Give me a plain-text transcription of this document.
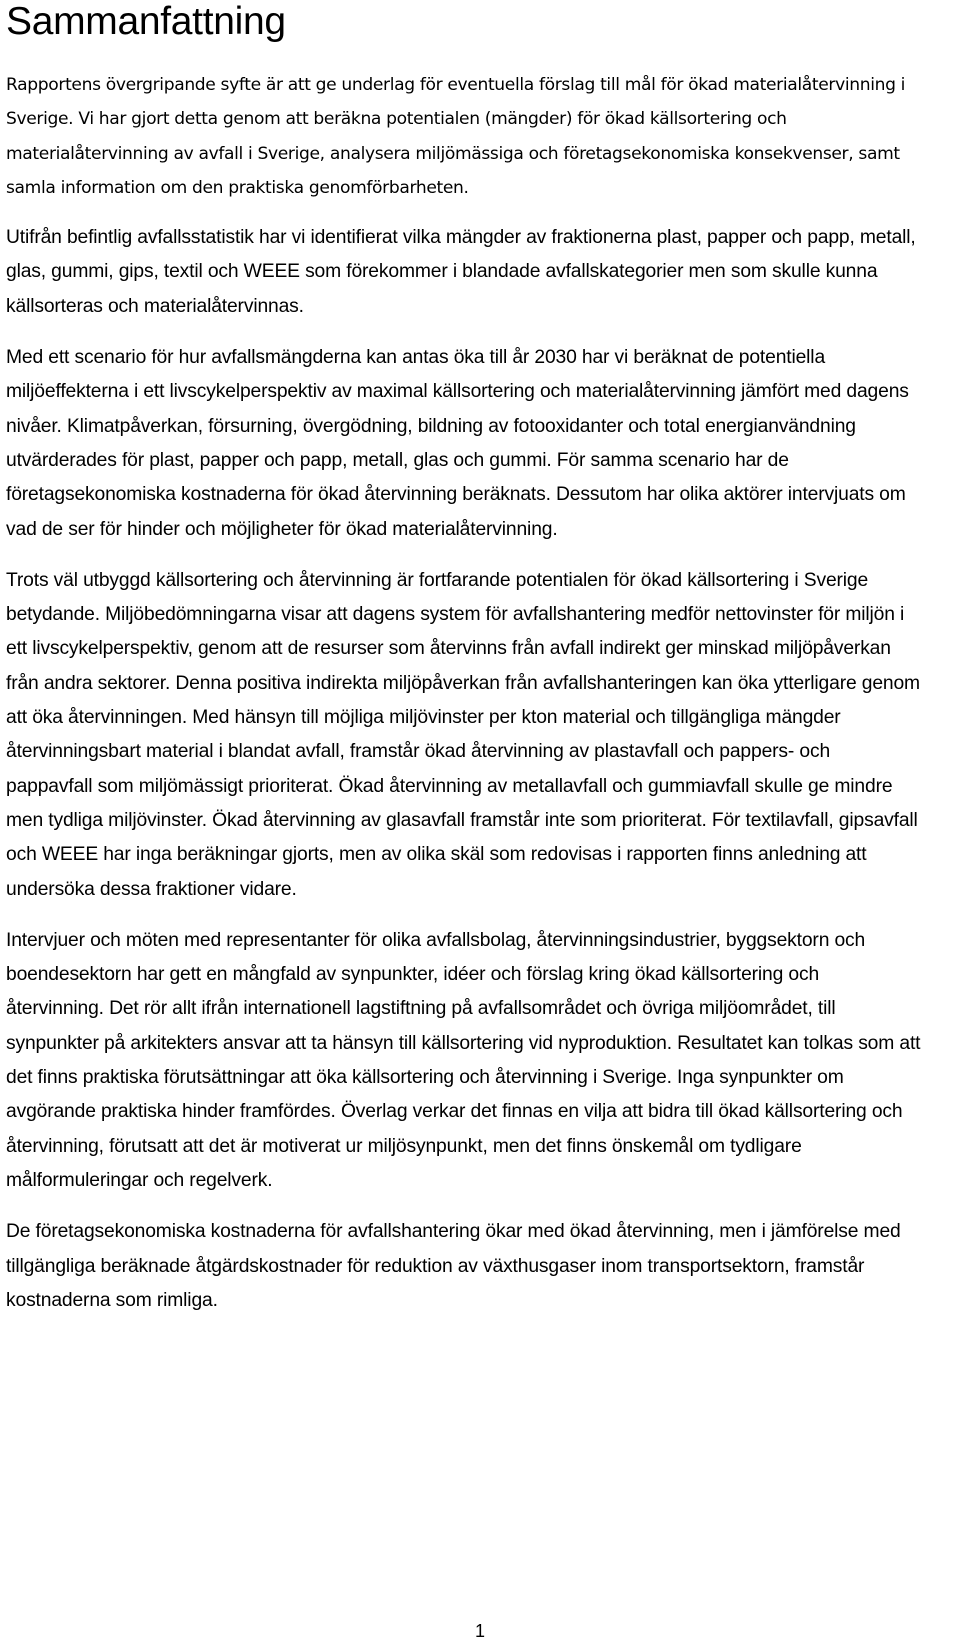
Sammanfattning

Rapportens övergripande syfte är att ge underlag för eventuella förslag till mål för ökad materialåtervinning i Sverige. Vi har gjort detta genom att beräkna potentialen (mängder) för ökad källsortering och materialåtervinning av avfall i Sverige, analysera miljömässiga och företagsekonomiska konsekvenser, samt samla information om den praktiska genomförbarheten.

Utifrån befintlig avfallsstatistik har vi identifierat vilka mängder av fraktionerna plast, papper och papp, metall, glas, gummi, gips, textil och WEEE som förekommer i blandade avfallskategorier men som skulle kunna källsorteras och materialåtervinnas.

Med ett scenario för hur avfallsmängderna kan antas öka till år 2030 har vi beräknat de potentiella miljöeffekterna i ett livscykelperspektiv av maximal källsortering och materialåtervinning jämfört med dagens nivåer. Klimatpåverkan, försurning, övergödning, bildning av fotooxidanter och total energianvändning utvärderades för plast, papper och papp, metall, glas och gummi. För samma scenario har de företagsekonomiska kostnaderna för ökad återvinning beräknats. Dessutom har olika aktörer intervjuats om vad de ser för hinder och möjligheter för ökad materialåtervinning.

Trots väl utbyggd källsortering och återvinning är fortfarande potentialen för ökad källsortering i Sverige betydande. Miljöbedömningarna visar att dagens system för avfallshantering medför nettovinster för miljön i ett livscykelperspektiv, genom att de resurser som återvinns från avfall indirekt ger minskad miljöpåverkan från andra sektorer. Denna positiva indirekta miljöpåverkan från avfallshanteringen kan öka ytterligare genom att öka återvinningen. Med hänsyn till möjliga miljövinster per kton material och tillgängliga mängder återvinningsbart material i blandat avfall, framstår ökad återvinning av plastavfall och pappers- och pappavfall som miljömässigt prioriterat. Ökad återvinning av metallavfall och gummiavfall skulle ge mindre men tydliga miljövinster. Ökad återvinning av glasavfall framstår inte som prioriterat. För textilavfall, gipsavfall och WEEE har inga beräkningar gjorts, men av olika skäl som redovisas i rapporten finns anledning att undersöka dessa fraktioner vidare.

Intervjuer och möten med representanter för olika avfallsbolag, återvinningsindustrier, byggsektorn och boendesektorn har gett en mångfald av synpunkter, idéer och förslag kring ökad källsortering och återvinning. Det rör allt ifrån internationell lagstiftning på avfallsområdet och övriga miljöområdet, till synpunkter på arkitekters ansvar att ta hänsyn till källsortering vid nyproduktion. Resultatet kan tolkas som att det finns praktiska förutsättningar att öka källsortering och återvinning i Sverige. Inga synpunkter om avgörande praktiska hinder framfördes. Överlag verkar det finnas en vilja att bidra till ökad källsortering och återvinning, förutsatt att det är motiverat ur miljösynpunkt, men det finns önskemål om tydligare målformuleringar och regelverk.

De företagsekonomiska kostnaderna för avfallshantering ökar med ökad återvinning, men i jämförelse med tillgängliga beräknade åtgärdskostnader för reduktion av växthusgaser inom transportsektorn, framstår kostnaderna som rimliga.

1
